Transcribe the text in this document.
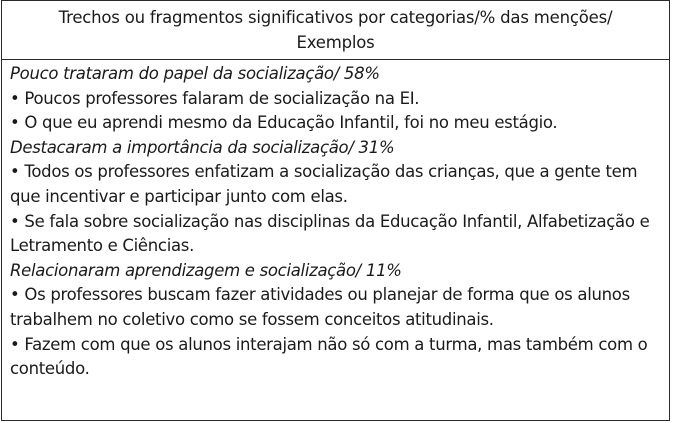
Trechos ou fragmentos significativos por categorias/% das menções/
Exemplos
Pouco trataram do papel da socialização/ 58%
• Poucos professores falaram de socialização na EI.
• O que eu aprendi mesmo da Educação Infantil, foi no meu estágio.
Destacaram a importância da socialização/ 31%
• Todos os professores enfatizam a socialização das crianças, que a gente tem que incentivar e participar junto com elas.
• Se fala sobre socialização nas disciplinas da Educação Infantil, Alfabetização e Letramento e Ciências.
Relacionaram aprendizagem e socialização/ 11%
• Os professores buscam fazer atividades ou planejar de forma que os alunos trabalhem no coletivo como se fossem conceitos atitudinais.
• Fazem com que os alunos interajam não só com a turma, mas também com o conteúdo.
